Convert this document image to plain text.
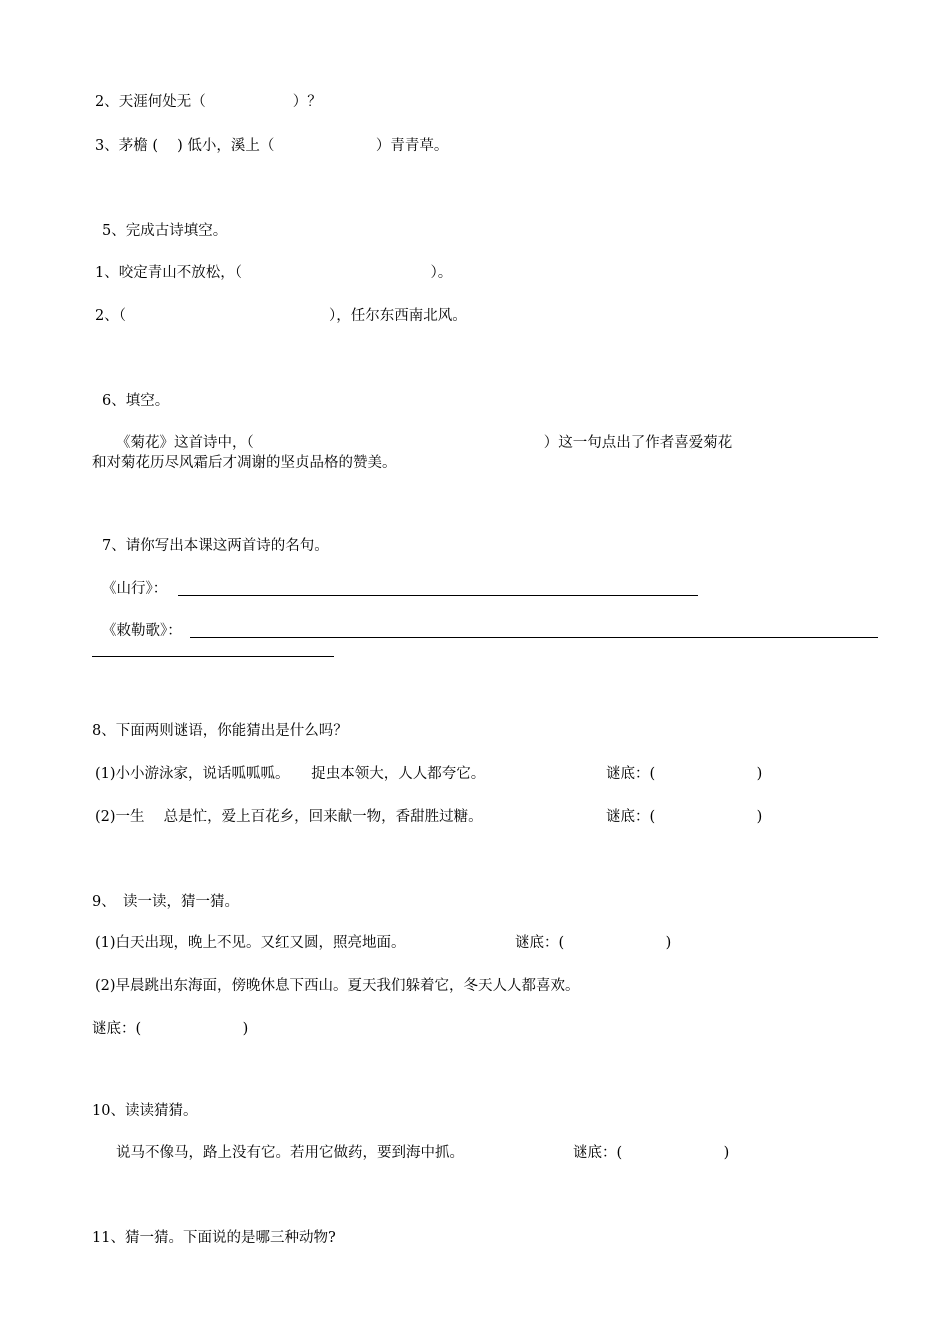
2、天涯何处无（　　　　　　）？
3、茅檐 (　 ) 低小，溪上（　　　　　　　）青青草。
5、完成古诗填空。
1、咬定青山不放松，（　　　　　　　　　　　　　）。
2、（　　　　　　　　　　　　　　），任尔东西南北风。
6、填空。
《菊花》这首诗中，（　　　　　　　　　　　　　　　　　　　　）这一句点出了作者喜爱菊花
和对菊花历尽风霜后才凋谢的坚贞品格的赞美。
7、请你写出本课这两首诗的名句。
《山行》：
《敕勒歌》：
8、下面两则谜语，你能猜出是什么吗？
(1)小小游泳家，说话呱呱呱。　　捉虫本领大，人人都夸它。	谜底：(　　　　　　　)
(2)一生　 总是忙，爱上百花乡，回来献一物，香甜胜过糖。	谜底：(　　　　　　　)
9、　读一读，猜一猜。
(1)白天出现，晚上不见。又红又圆，照亮地面。	谜底：(　　　　　　　)
(2)早晨跳出东海面，傍晚休息下西山。夏天我们躲着它，冬天人人都喜欢。
谜底：(　　　　　　　)
10、读读猜猜。
说马不像马，路上没有它。若用它做药，要到海中抓。	谜底：(　　　　　　　)
11、猜一猜。下面说的是哪三种动物?
